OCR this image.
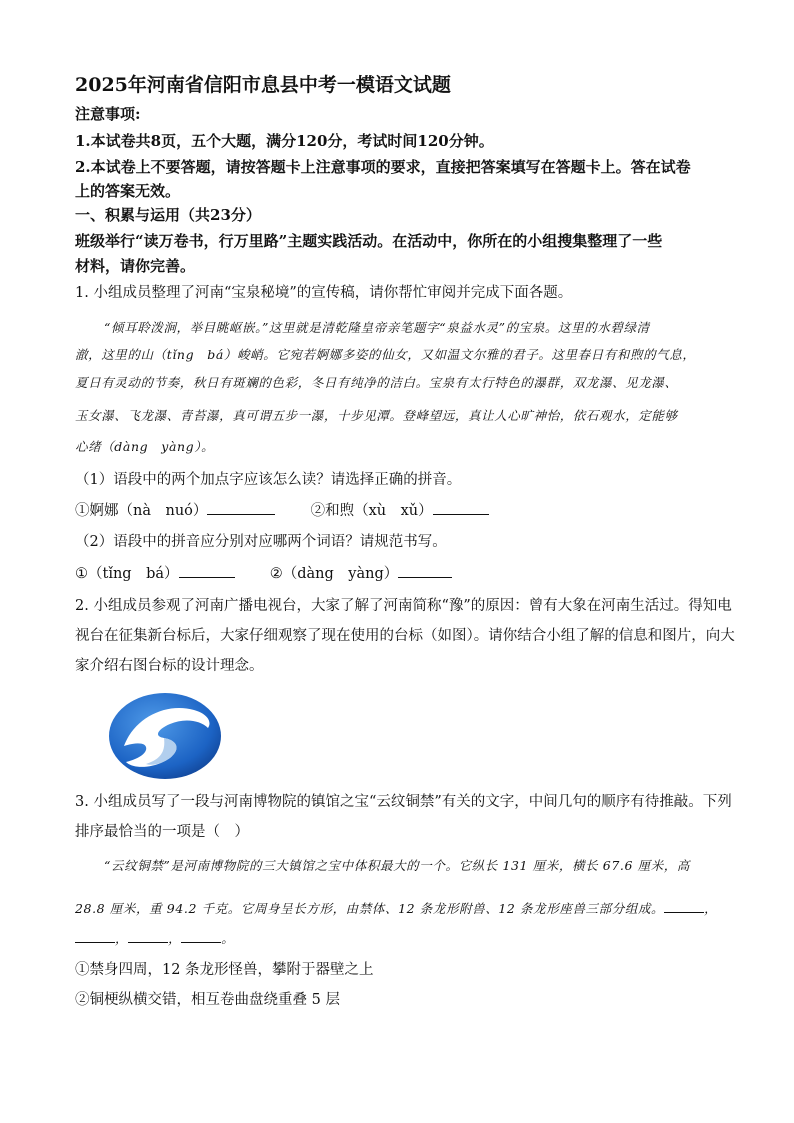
2025年河南省信阳市息县中考一模语文试题
注意事项:
1.本试卷共8页，五个大题，满分120分，考试时间120分钟。
2.本试卷上不要答题，请按答题卡上注意事项的要求，直接把答案填写在答题卡上。答在试卷
上的答案无效。
一、积累与运用（共23分）
班级举行“读万卷书，行万里路”主题实践活动。在活动中，你所在的小组搜集整理了一些
材料，请你完善。
1. 小组成员整理了河南“宝泉秘境”的宣传稿，请你帮忙审阅并完成下面各题。
“倾耳聆泼涧，举目眺岖嵌。”这里就是清乾隆皇帝亲笔题字“泉益水灵”的宝泉。这里的水碧绿清
澈，这里的山（tǐng　bá）峻峭。它宛若婀娜多姿的仙女，又如温文尔雅的君子。这里春日有和煦的气息，
夏日有灵动的节奏，秋日有斑斓的色彩，冬日有纯净的洁白。宝泉有太行特色的瀑群，双龙瀑、见龙瀑、
玉女瀑、飞龙瀑、青苔瀑，真可谓五步一瀑，十步见潭。登峰望远，真让人心旷神怡，依石观水，定能够
心绪（dàng　yàng）。
（1）语段中的两个加点字应该怎么读？请选择正确的拼音。
①婀娜（nà　nuó）	②和煦（xù　xǔ）
（2）语段中的拼音应分别对应哪两个词语？请规范书写。
①（tǐng　bá）	②（dàng　yàng）
2. 小组成员参观了河南广播电视台，大家了解了河南简称“豫”的原因：曾有大象在河南生活过。得知电
视台在征集新台标后，大家仔细观察了现在使用的台标（如图）。请你结合小组了解的信息和图片，向大
家介绍右图台标的设计理念。
3. 小组成员写了一段与河南博物院的镇馆之宝“云纹铜禁”有关的文字，中间几句的顺序有待推敲。下列
排序最恰当的一项是（　）
“云纹铜禁”是河南博物院的三大镇馆之宝中体积最大的一个。它纵长 131 厘米，横长 67.6 厘米，高
28.8 厘米，重 94.2 千克。它周身呈长方形，由禁体、12 条龙形附兽、12 条龙形座兽三部分组成。	，
，	，	。
①禁身四周，12 条龙形怪兽，攀附于器壁之上
②铜梗纵横交错，相互卷曲盘绕重叠 5 层
